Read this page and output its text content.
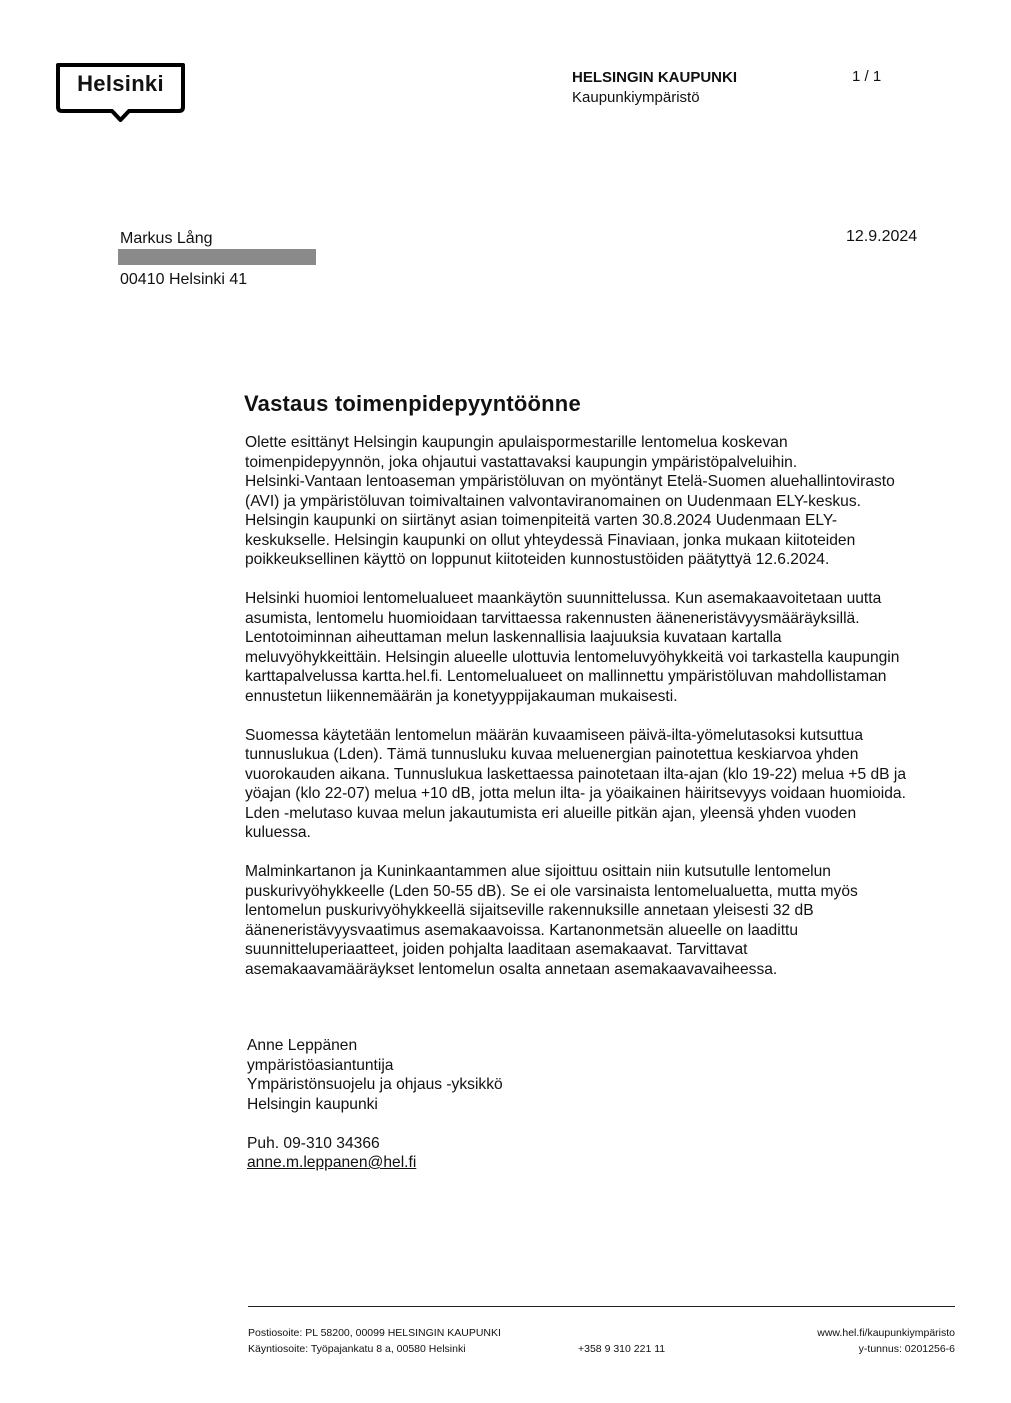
Helsinki	HELSINGIN KAUPUNKI
Kaupunkiympäristö
1 / 1
Markus Lång
00410 Helsinki 41
12.9.2024
Vastaus toimenpidepyyntöönne

Olette esittänyt Helsingin kaupungin apulaispormestarille lentomelua koskevan
toimenpidepyynnön, joka ohjautui vastattavaksi kaupungin ympäristöpalveluihin.
Helsinki-Vantaan lentoaseman ympäristöluvan on myöntänyt Etelä-Suomen aluehallintovirasto
(AVI) ja ympäristöluvan toimivaltainen valvontaviranomainen on Uudenmaan ELY-keskus.
Helsingin kaupunki on siirtänyt asian toimenpiteitä varten 30.8.2024 Uudenmaan ELY-
keskukselle. Helsingin kaupunki on ollut yhteydessä Finaviaan, jonka mukaan kiitoteiden
poikkeuksellinen käyttö on loppunut kiitoteiden kunnostustöiden päätyttyä 12.6.2024.

Helsinki huomioi lentomelualueet maankäytön suunnittelussa. Kun asemakaavoitetaan uutta
asumista, lentomelu huomioidaan tarvittaessa rakennusten ääneneristävyysmääräyksillä.
Lentotoiminnan aiheuttaman melun laskennallisia laajuuksia kuvataan kartalla
meluvyöhykkeittäin. Helsingin alueelle ulottuvia lentomeluvyöhykkeitä voi tarkastella kaupungin
karttapalvelussa kartta.hel.fi. Lentomelualueet on mallinnettu ympäristöluvan mahdollistaman
ennustetun liikennemäärän ja konetyyppijakauman mukaisesti.

Suomessa käytetään lentomelun määrän kuvaamiseen päivä-ilta-yömelutasoksi kutsuttua
tunnuslukua (Lden). Tämä tunnusluku kuvaa meluenergian painotettua keskiarvoa yhden
vuorokauden aikana. Tunnuslukua laskettaessa painotetaan ilta-ajan (klo 19-22) melua +5 dB ja
yöajan (klo 22-07) melua +10 dB, jotta melun ilta- ja yöaikainen häiritsevyys voidaan huomioida.
Lden -melutaso kuvaa melun jakautumista eri alueille pitkän ajan, yleensä yhden vuoden
kuluessa.

Malminkartanon ja Kuninkaantammen alue sijoittuu osittain niin kutsutulle lentomelun
puskurivyöhykkeelle (Lden 50-55 dB). Se ei ole varsinaista lentomelualuetta, mutta myös
lentomelun puskurivyöhykkeellä sijaitseville rakennuksille annetaan yleisesti 32 dB
ääneneristävyysvaatimus asemakaavoissa. Kartanonmetsän alueelle on laadittu
suunnitteluperiaatteet, joiden pohjalta laaditaan asemakaavat. Tarvittavat
asemakaavamääräykset lentomelun osalta annetaan asemakaavavaiheessa.

Anne Leppänen
ympäristöasiantuntija
Ympäristönsuojelu ja ohjaus -yksikkö
Helsingin kaupunki
Puh. 09-310 34366
anne.m.leppanen@hel.fi
Postiosoite: PL 58200, 00099 HELSINGIN KAUPUNKI
Käyntiosoite: Työpajankatu 8 a, 00580 Helsinki	+358 9 310 221 11
www.hel.fi/kaupunkiympäristo
y-tunnus: 0201256-6
